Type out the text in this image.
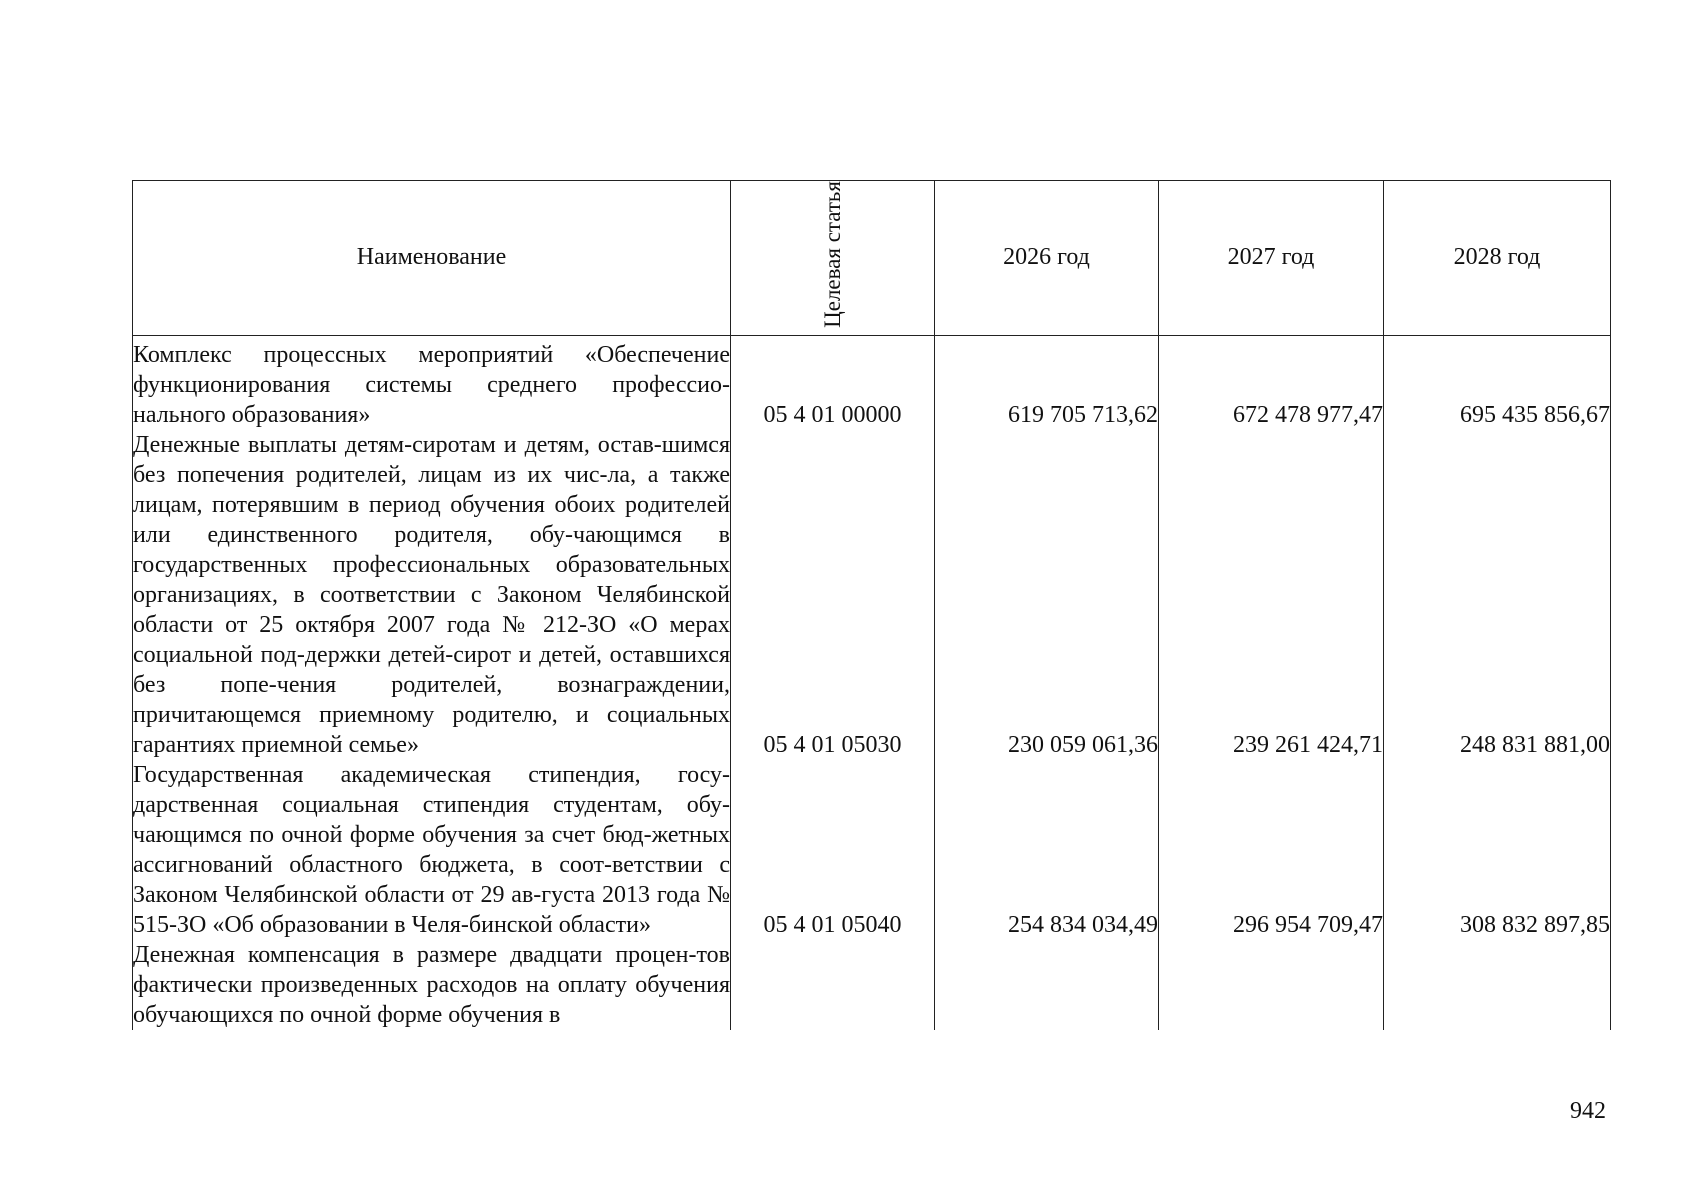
Наименование	Целевая статья	2026 год	2027 год	2028 год
Комплекс процессных мероприятий «Обеспечение функционирования системы среднего профессио-нального образования»	05 4 01 00000	619 705 713,62	672 478 977,47	695 435 856,67
Денежные выплаты детям-сиротам и детям, остав-шимся без попечения родителей, лицам из их чис-ла, а также лицам, потерявшим в период обучения обоих родителей или единственного родителя, обу-чающимся в государственных профессиональных образовательных организациях, в соответствии с Законом Челябинской области от 25 октября 2007 года № 212-ЗО «О мерах социальной под-держки детей-сирот и детей, оставшихся без попе-чения родителей, вознаграждении, причитающемся приемному родителю, и социальных гарантиях приемной семье»	05 4 01 05030	230 059 061,36	239 261 424,71	248 831 881,00
Государственная академическая стипендия, госу-дарственная социальная стипендия студентам, обу-чающимся по очной форме обучения за счет бюд-жетных ассигнований областного бюджета, в соот-ветствии с Законом Челябинской области от 29 ав-густа 2013 года № 515-ЗО «Об образовании в Челя-бинской области»	05 4 01 05040	254 834 034,49	296 954 709,47	308 832 897,85
Денежная компенсация в размере двадцати процен-тов фактически произведенных расходов на оплату обучения обучающихся по очной форме обучения в				
942
